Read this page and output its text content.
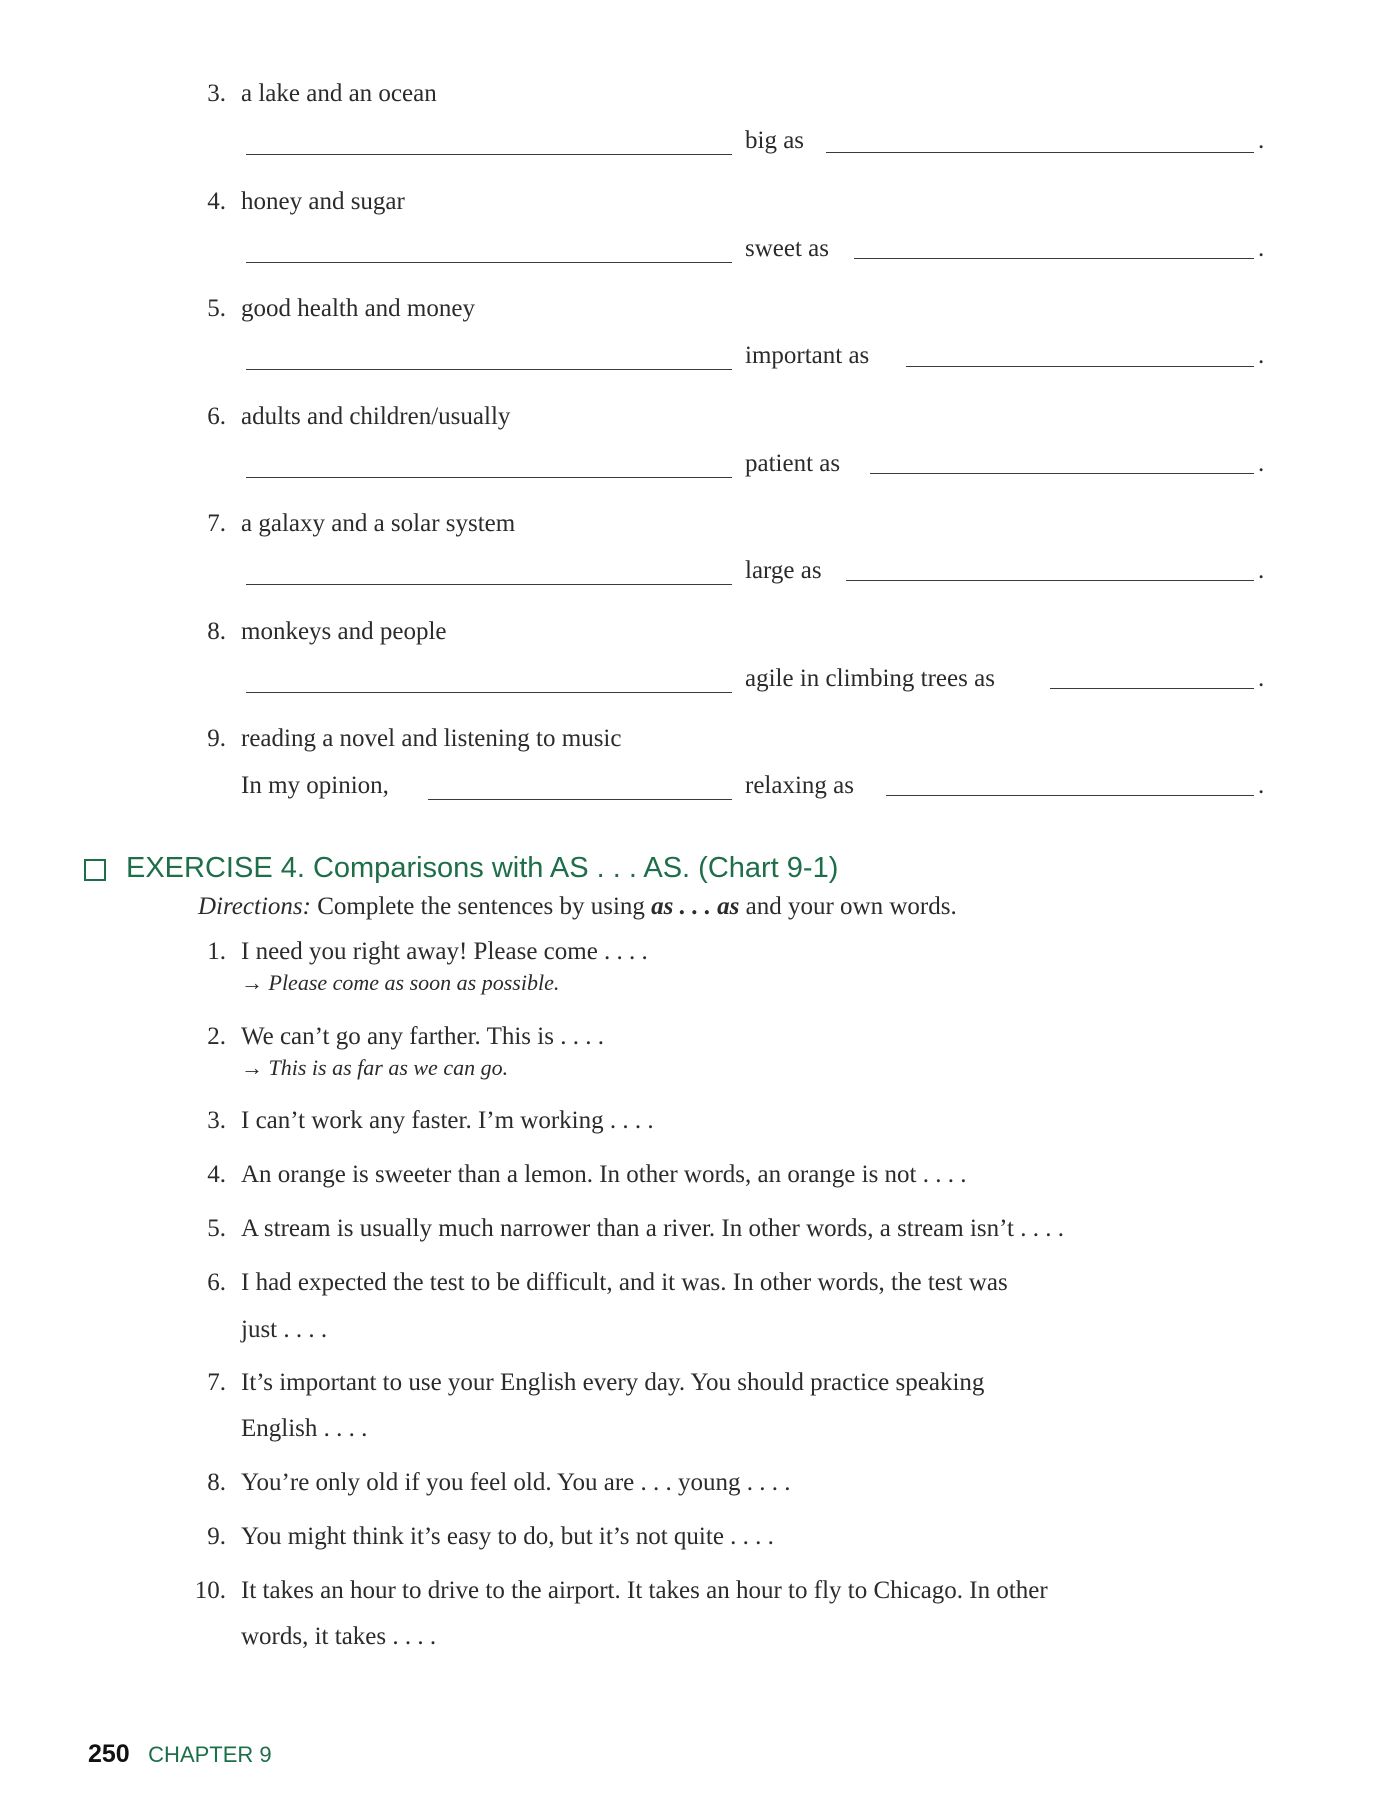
3. a lake and an ocean
big as	.
4. honey and sugar
sweet as	.
5. good health and money
important as	.
6. adults and children/usually
patient as	.
7. a galaxy and a solar system
large as	.
8. monkeys and people
agile in climbing trees as	.
9. reading a novel and listening to music
In my opinion,	relaxing as	.
EXERCISE 4. Comparisons with AS . . . AS. (Chart 9-1)
Directions: Complete the sentences by using as . . . as and your own words.
1. I need you right away! Please come . . . .
→ Please come as soon as possible.
2. We can’t go any farther. This is . . . .
→ This is as far as we can go.
3. I can’t work any faster. I’m working . . . .
4. An orange is sweeter than a lemon. In other words, an orange is not . . . .
5. A stream is usually much narrower than a river. In other words, a stream isn’t . . . .
6. I had expected the test to be difficult, and it was. In other words, the test was
just . . . .
7. It’s important to use your English every day. You should practice speaking
English . . . .
8. You’re only old if you feel old. You are . . . young . . . .
9. You might think it’s easy to do, but it’s not quite . . . .
10. It takes an hour to drive to the airport. It takes an hour to fly to Chicago. In other
words, it takes . . . .
250 CHAPTER 9
